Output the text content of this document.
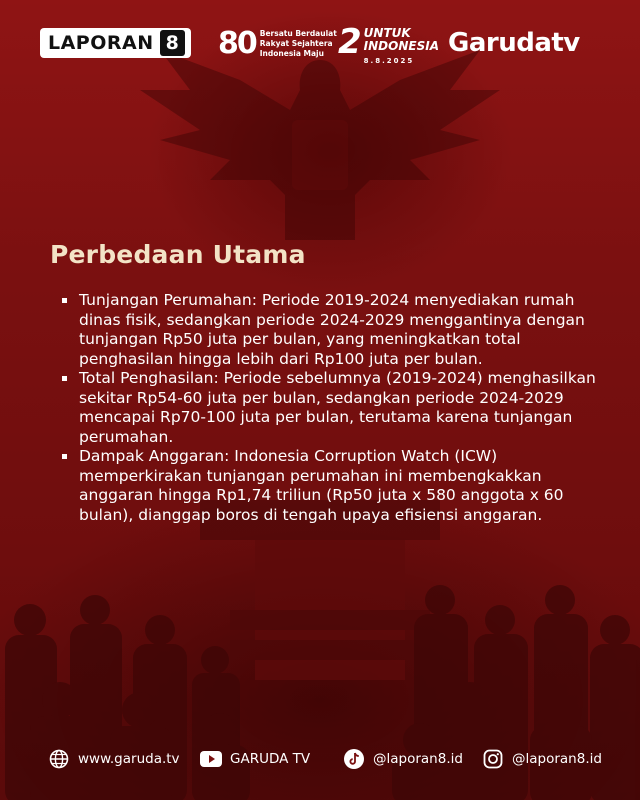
LAPORAN 8 80 Bersatu Berdaulat
Rakyat Sejahtera
Indonesia Maju 2 UNTUK
INDONESIA
8.8.2025
Garudatv
Perbedaan Utama
Tunjangan Perumahan: Periode 2019-2024 menyediakan rumah dinas fisik, sedangkan periode 2024-2029 menggantinya dengan tunjangan Rp50 juta per bulan, yang meningkatkan total penghasilan hingga lebih dari Rp100 juta per bulan.
Total Penghasilan: Periode sebelumnya (2019-2024) menghasilkan sekitar Rp54-60 juta per bulan, sedangkan periode 2024-2029 mencapai Rp70-100 juta per bulan, terutama karena tunjangan perumahan.
Dampak Anggaran: Indonesia Corruption Watch (ICW) memperkirakan tunjangan perumahan ini membengkakkan anggaran hingga Rp1,74 triliun (Rp50 juta x 580 anggota x 60 bulan), dianggap boros di tengah upaya efisiensi anggaran.
www.garuda.tv	GARUDA TV	@laporan8.id	@laporan8.id
